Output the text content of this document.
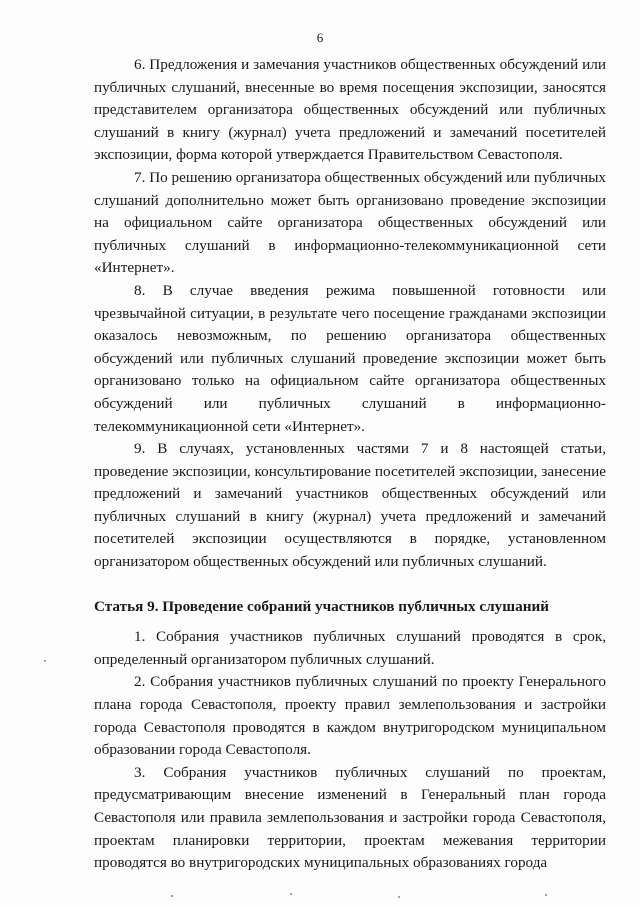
6

6. Предложения и замечания участников общественных обсуждений или публичных слушаний, внесенные во время посещения экспозиции, заносятся представителем организатора общественных обсуждений или публичных слушаний в книгу (журнал) учета предложений и замечаний посетителей экспозиции, форма которой утверждается Правительством Севастополя.

7. По решению организатора общественных обсуждений или публичных слушаний дополнительно может быть организовано проведение экспозиции на официальном сайте организатора общественных обсуждений или публичных слушаний в информационно-телекоммуникационной сети «Интернет».

8. В случае введения режима повышенной готовности или чрезвычайной ситуации, в результате чего посещение гражданами экспозиции оказалось невозможным, по решению организатора общественных обсуждений или публичных слушаний проведение экспозиции может быть организовано только на официальном сайте организатора общественных обсуждений или публичных слушаний в информационно-телекоммуникационной сети «Интернет».

9. В случаях, установленных частями 7 и 8 настоящей статьи, проведение экспозиции, консультирование посетителей экспозиции, занесение предложений и замечаний участников общественных обсуждений или публичных слушаний в книгу (журнал) учета предложений и замечаний посетителей экспозиции осуществляются в порядке, установленном организатором общественных обсуждений или публичных слушаний.

Статья 9. Проведение собраний участников публичных слушаний

1. Собрания участников публичных слушаний проводятся в срок, определенный организатором публичных слушаний.

2. Собрания участников публичных слушаний по проекту Генерального плана города Севастополя, проекту правил землепользования и застройки города Севастополя проводятся в каждом внутригородском муниципальном образовании города Севастополя.

3. Собрания участников публичных слушаний по проектам, предусматривающим внесение изменений в Генеральный план города Севастополя или правила землепользования и застройки города Севастополя, проектам планировки территории, проектам межевания территории проводятся во внутригородских муниципальных образованиях города
